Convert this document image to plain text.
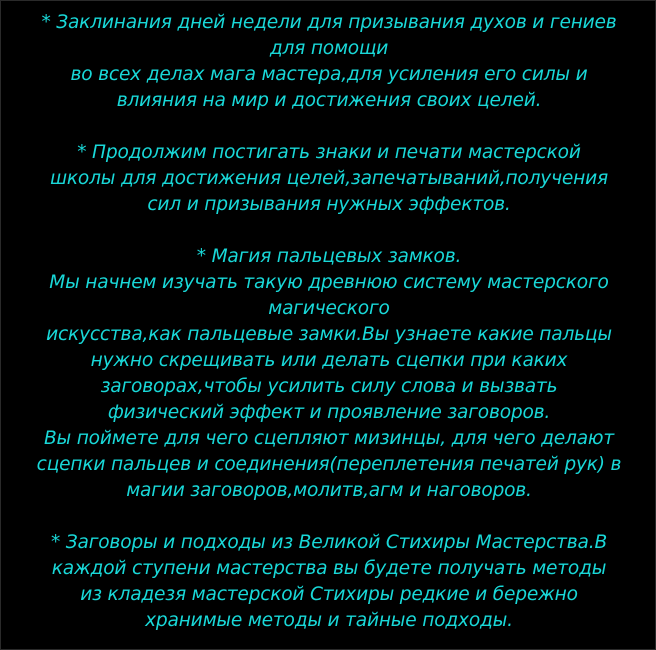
* Заклинания дней недели для призывания духов и гениев
для помощи
во всех делах мага мастера,для усиления его силы и
влияния на мир и достижения своих целей.
* Продолжим постигать знаки и печати мастерской
школы для достижения целей,запечатываний,получения
сил и призывания нужных эффектов.
* Магия пальцевых замков.
Мы начнем изучать такую древнюю систему мастерского
магического
искусства,как пальцевые замки.Вы узнаете какие пальцы
нужно скрещивать или делать сцепки при каких
заговорах,чтобы усилить силу слова и вызвать
физический эффект и проявление заговоров.
Вы поймете для чего сцепляют мизинцы, для чего делают
сцепки пальцев и соединения(переплетения печатей рук) в
магии заговоров,молитв,агм и наговоров.
* Заговоры и подходы из Великой Стихиры Мастерства.В
каждой ступени мастерства вы будете получать методы
из кладезя мастерской Стихиры редкие и бережно
хранимые методы и тайные подходы.
